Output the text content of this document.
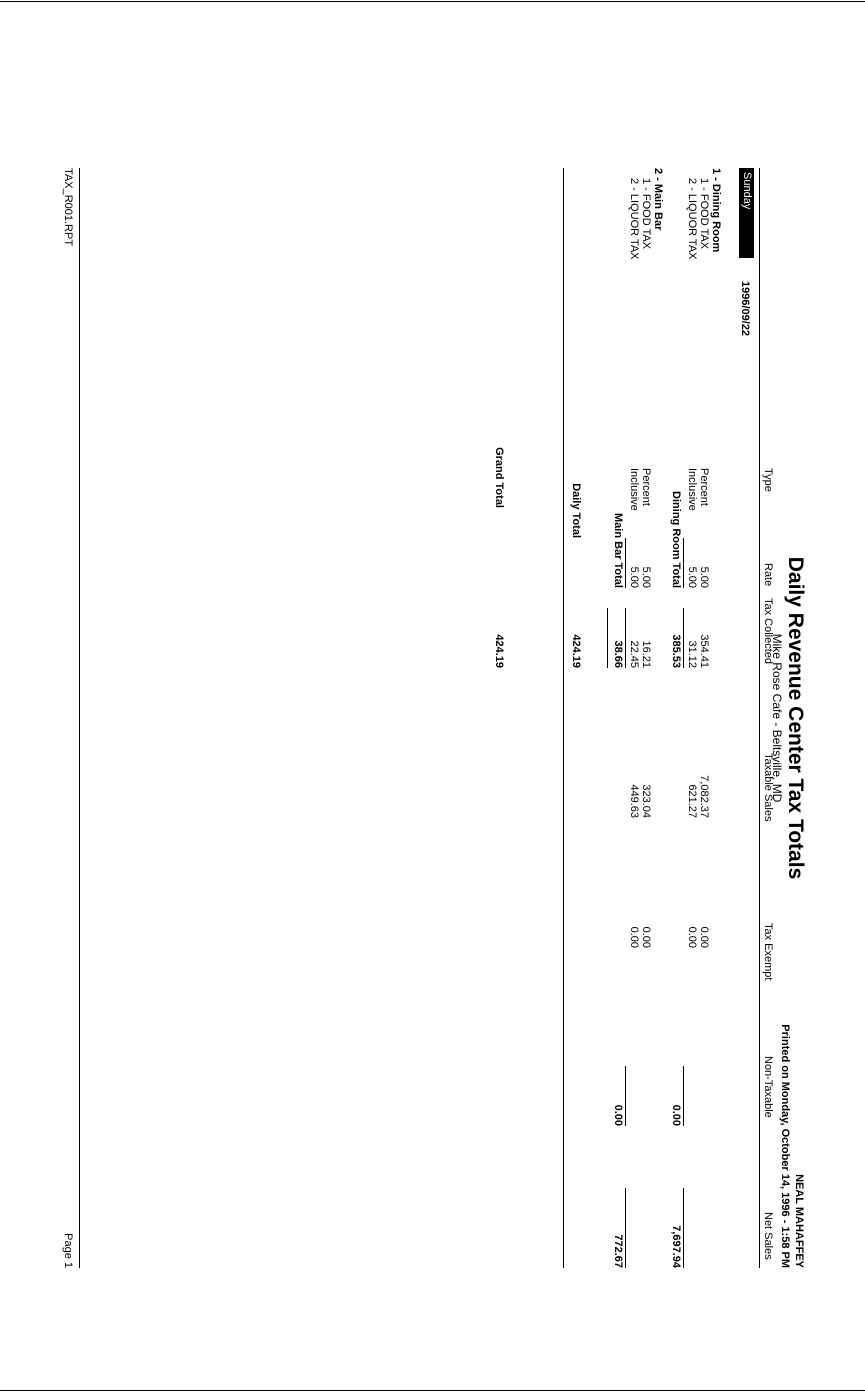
Daily Revenue Center Tax Totals
Mike Rose Cafe - Beltsville, MD
NEAL MAHAFFEY
Printed on Monday, October 14, 1996 - 1:58 PM
Type
Rate
Tax Collected
Taxable Sales
Tax Exempt
Non-Taxable
Net Sales
Sunday
1996/09/22
1 - Dining Room
1 - FOOD TAX
Percent
5.00
354.41
7,082.37
0.00
2 - LIQUOR TAX
Inclusive
5.00
31.12
621.27
0.00
Dining Room Total
385.53
0.00
7,697.94
2 - Main Bar
1 - FOOD TAX
Percent
5.00
16.21
323.04
0.00
2 - LIQUOR TAX
Inclusive
5.00
22.45
449.63
0.00
Main Bar Total
38.66
0.00
772.67
Daily Total
424.19
Grand Total
424.19
TAX_R001.RPT
Page 1
